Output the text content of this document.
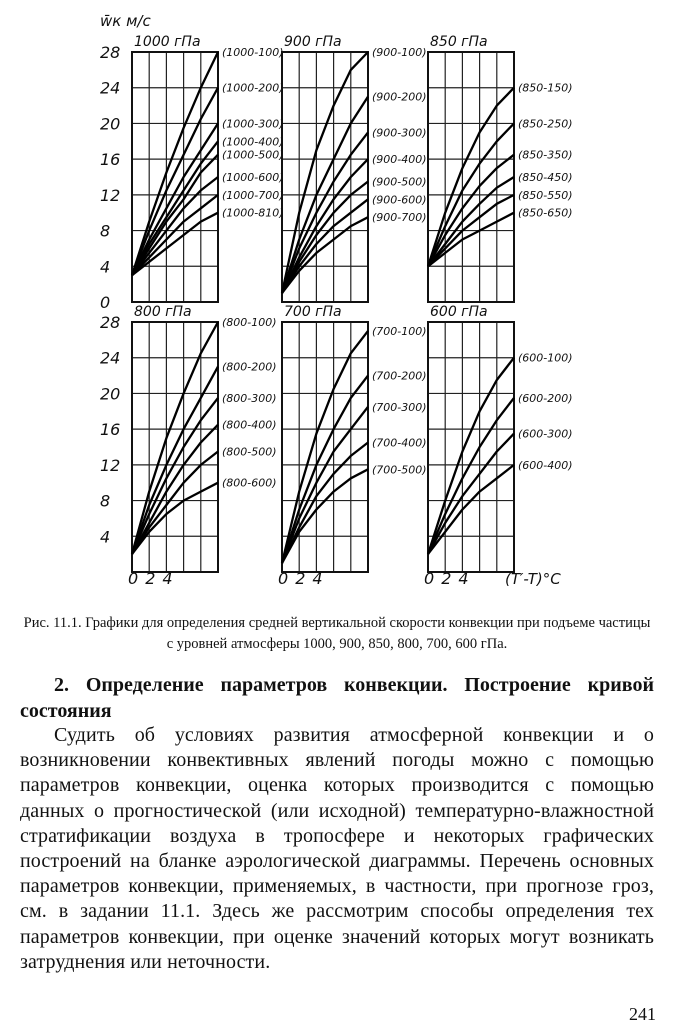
w̄к м/с
(T′-T)°C
28
24
20
16
12
8
4
0
28
24
20
16
12
8
4
0 2 4	0 2 4	0 2 4
1000 гПа
(1000-100)
(1000-200)
(1000-300)
(1000-400)
(1000-500)
(1000-600)
(1000-700)
(1000-810)
900 гПа
(900-100)
(900-200)
(900-300)
(900-400)
(900-500)
(900-600)
(900-700)
850 гПа
(850-150)
(850-250)
(850-350)
(850-450)
(850-550)
(850-650)
800 гПа
(800-100)
(800-200)
(800-300)
(800-400)
(800-500)
(800-600)
700 гПа
(700-100)
(700-200)
(700-300)
(700-400)
(700-500)
600 гПа
(600-100)
(600-200)
(600-300)
(600-400)
Рис. 11.1. Графики для определения средней вертикальной скорости конвекции при подъеме частицы с уровней атмосферы 1000, 900, 850, 800, 700, 600 гПа.
2. Определение параметров конвекции. Построение кривой состояния
Судить об условиях развития атмосферной конвекции и о возникновении конвективных явлений погоды можно с помощью параметров конвекции, оценка которых производится с помощью данных о прогностической (или исходной) температурно-влажностной стратификации воздуха в тропосфере и некоторых графических построений на бланке аэрологической диаграммы. Перечень основных параметров конвекции, применяемых, в частности, при прогнозе гроз, см. в задании 11.1. Здесь же рассмотрим способы определения тех параметров конвекции, при оценке значений которых могут возникать затруднения или неточности.
241
